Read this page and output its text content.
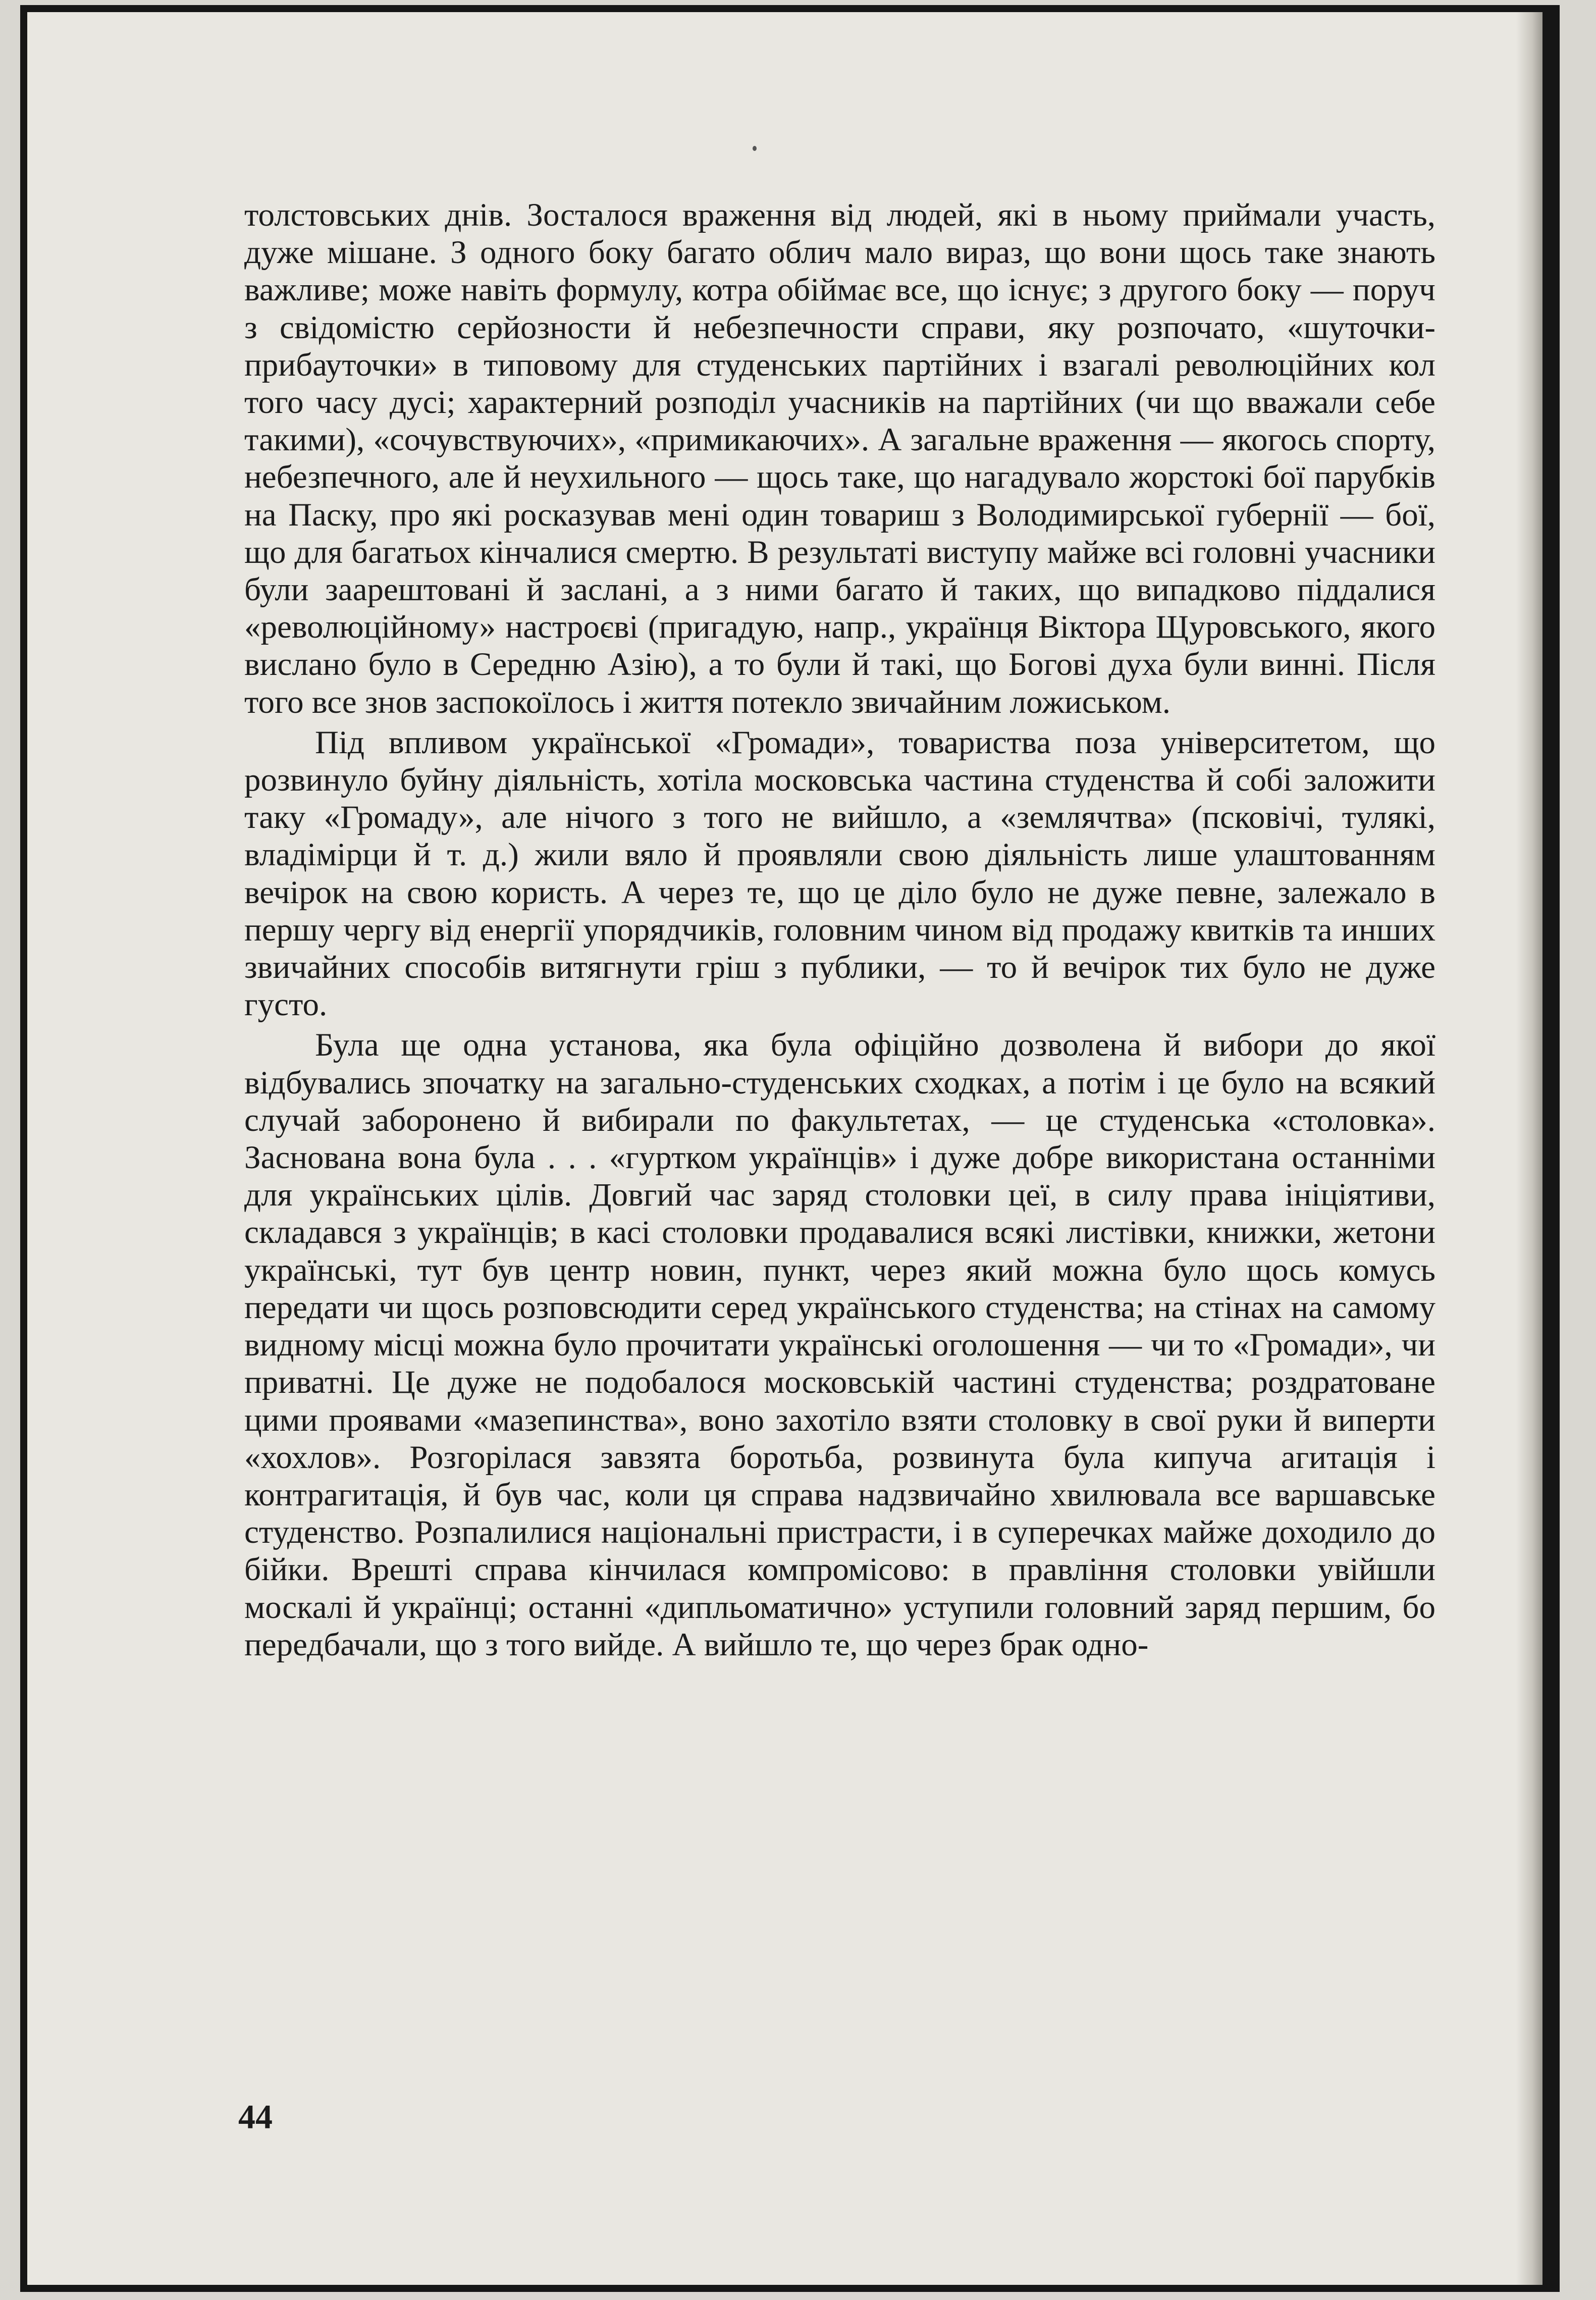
толстовських днів. Зосталося враження від людей, які в ньому приймали участь, дуже мішане. З одного боку багато облич мало вираз, що вони щось таке знають важливе; може навіть формулу, котра обіймає все, що існує; з другого боку — поруч з свідомістю серйозности й небезпечности справи, яку розпочато, «шуточки-прибауточки» в типовому для студенських партійних і взагалі революційних кол того часу дусі; характерний розподіл учасників на партійних (чи що вважали себе такими), «сочувствуючих», «примикаючих». А загальне враження — якогось спорту, небезпечного, але й неухильного — щось таке, що нагадувало жорстокі бої парубків на Паску, про які росказував мені один товариш з Володимирської губернії — бої, що для багатьох кінчалися смертю. В результаті виступу майже всі головні учасники були заарештовані й заслані, а з ними багато й таких, що випадково піддалися «революційному» настроєві (пригадую, напр., українця Віктора Щуровського, якого вислано було в Середню Азію), а то були й такі, що Богові духа були винні. Після того все знов заспокоїлось і життя потекло звичайним ложиськом.

Під впливом української «Громади», товариства поза університетом, що розвинуло буйну діяльність, хотіла московська частина студенства й собі заложити таку «Громаду», але нічого з того не вийшло, а «землячтва» (псковічі, тулякі, владімірци й т. д.) жили вяло й проявляли свою діяльність лише улаштованням вечірок на свою користь. А через те, що це діло було не дуже певне, залежало в першу чергу від енергії упорядчиків, головним чином від продажу квитків та инших звичайних способів витягнути гріш з публики, — то й вечірок тих було не дуже густо.

Була ще одна установа, яка була офіційно дозволена й вибори до якої відбувались зпочатку на загально-студенських сходках, а потім і це було на всякий случай заборонено й вибирали по факультетах, — це студенська «столовка». Заснована вона була . . . «гуртком українців» і дуже добре використана останніми для українських цілів. Довгий час заряд столовки цеї, в силу права ініціятиви, складався з українців; в касі столовки продавалися всякі листівки, книжки, жетони українські, тут був центр новин, пункт, через який можна було щось комусь передати чи щось розповсюдити серед українського студенства; на стінах на самому видному місці можна було прочитати українські оголошення — чи то «Громади», чи приватні. Це дуже не подобалося московській частині студенства; роздратоване цими проявами «мазепинства», воно захотіло взяти столовку в свої руки й виперти «хохлов». Розгорілася завзята боротьба, розвинута була кипуча агитація і контрагитація, й був час, коли ця справа надзвичайно хвилювала все варшавське студенство. Розпалилися національні пристрасти, і в суперечках майже доходило до бійки. Врешті справа кінчилася компромісово: в правління столовки увійшли москалі й українці; останні «дипльоматично» уступили головний заряд першим, бо передбачали, що з того вийде. А вийшло те, що через брак одно-

44
